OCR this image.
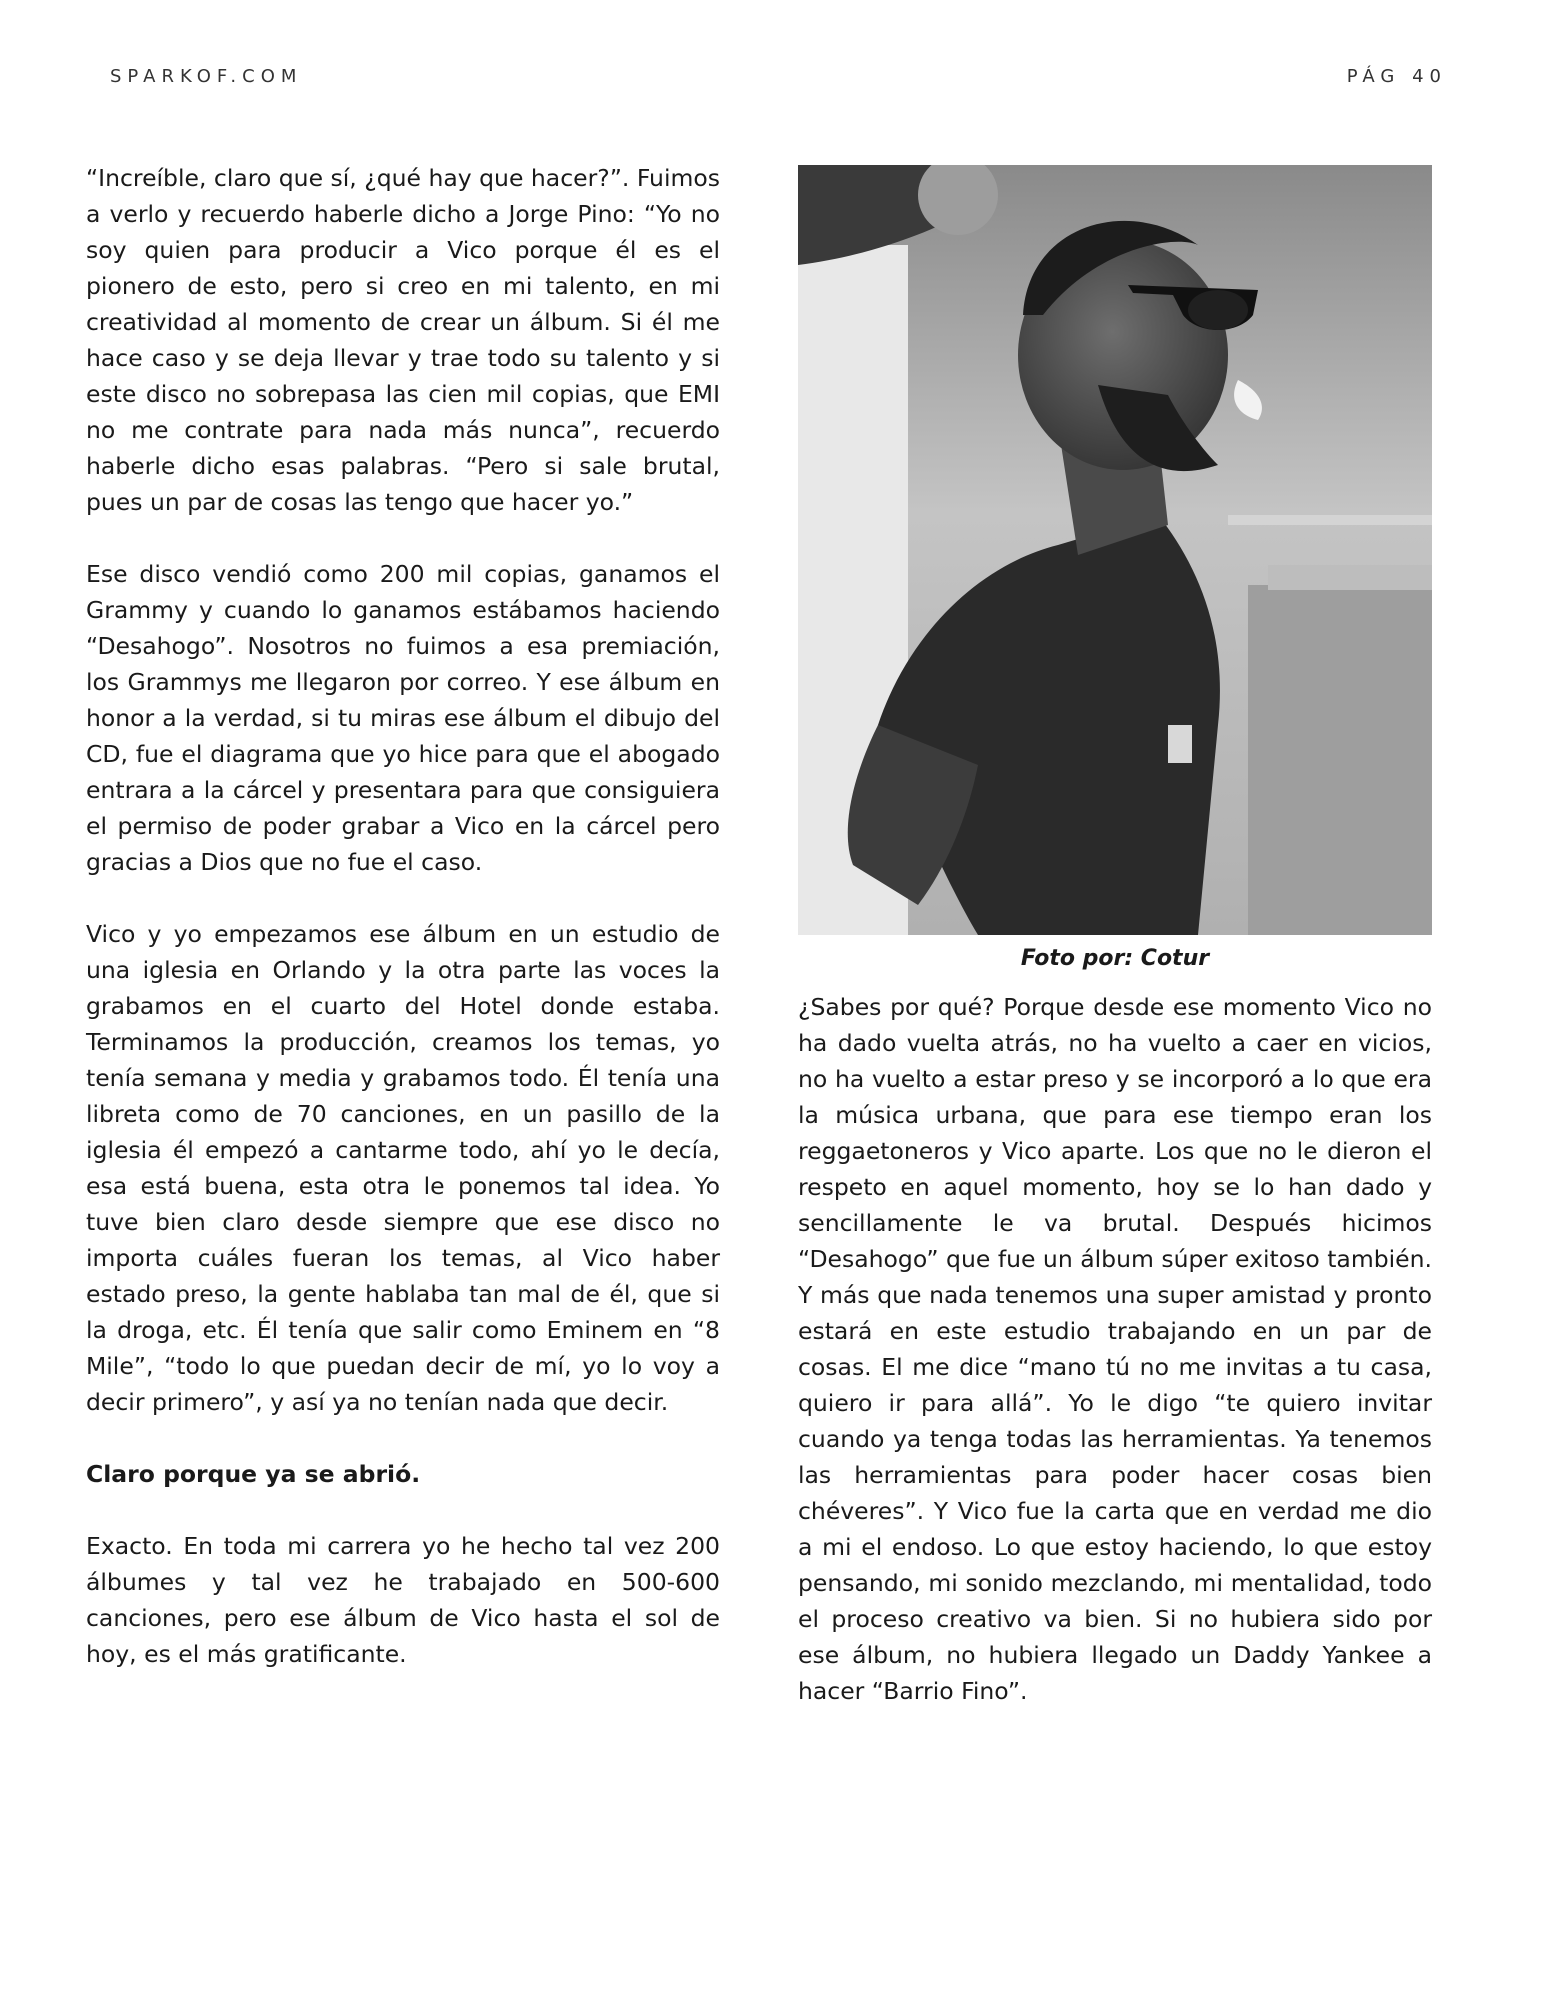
SPARKOF.COM	PÁG 40

“Increíble, claro que sí, ¿qué hay que hacer?”. Fuimos a verlo y recuerdo haberle dicho a Jorge Pino: “Yo no soy quien para producir a Vico porque él es el pionero de esto, pero si creo en mi talento, en mi creatividad al momento de crear un álbum. Si él me hace caso y se deja llevar y trae todo su talento y si este disco no sobrepasa las cien mil copias, que EMI no me contrate para nada más nunca”, recuerdo haberle dicho esas palabras. “Pero si sale brutal, pues un par de cosas las tengo que hacer yo.”

Ese disco vendió como 200 mil copias, ganamos el Grammy y cuando lo ganamos estábamos haciendo “Desahogo”. Nosotros no fuimos a esa premiación, los Grammys me llegaron por correo. Y ese álbum en honor a la verdad, si tu miras ese álbum el dibujo del CD, fue el diagrama que yo hice para que el abogado entrara a la cárcel y presentara para que consiguiera el permiso de poder grabar a Vico en la cárcel pero gracias a Dios que no fue el caso.

Vico y yo empezamos ese álbum en un estudio de una iglesia en Orlando y la otra parte las voces la grabamos en el cuarto del Hotel donde estaba. Terminamos la producción, creamos los temas, yo tenía semana y media y grabamos todo. Él tenía una libreta como de 70 canciones, en un pasillo de la iglesia él empezó a cantarme todo, ahí yo le decía, esa está buena, esta otra le ponemos tal idea. Yo tuve bien claro desde siempre que ese disco no importa cuáles fueran los temas, al Vico haber estado preso, la gente hablaba tan mal de él, que si la droga, etc. Él tenía que salir como Eminem en “8 Mile”, “todo lo que puedan decir de mí, yo lo voy a decir primero”, y así ya no tenían nada que decir.

Claro porque ya se abrió.

Exacto. En toda mi carrera yo he hecho tal vez 200 álbumes y tal vez he trabajado en 500-600 canciones, pero ese álbum de Vico hasta el sol de hoy, es el más gratificante.

Foto por: Cotur

¿Sabes por qué? Porque desde ese momento Vico no ha dado vuelta atrás, no ha vuelto a caer en vicios, no ha vuelto a estar preso y se incorporó a lo que era la música urbana, que para ese tiempo eran los reggaetoneros y Vico aparte. Los que no le dieron el respeto en aquel momento, hoy se lo han dado y sencillamente le va brutal. Después hicimos “Desahogo” que fue un álbum súper exitoso también. Y más que nada tenemos una super amistad y pronto estará en este estudio trabajando en un par de cosas. El me dice “mano tú no me invitas a tu casa, quiero ir para allá”. Yo le digo “te quiero invitar cuando ya tenga todas las herramientas. Ya tenemos las herramientas para poder hacer cosas bien chéveres”. Y Vico fue la carta que en verdad me dio a mi el endoso. Lo que estoy haciendo, lo que estoy pensando, mi sonido mezclando, mi mentalidad, todo el proceso creativo va bien. Si no hubiera sido por ese álbum, no hubiera llegado un Daddy Yankee a hacer “Barrio Fino”.
